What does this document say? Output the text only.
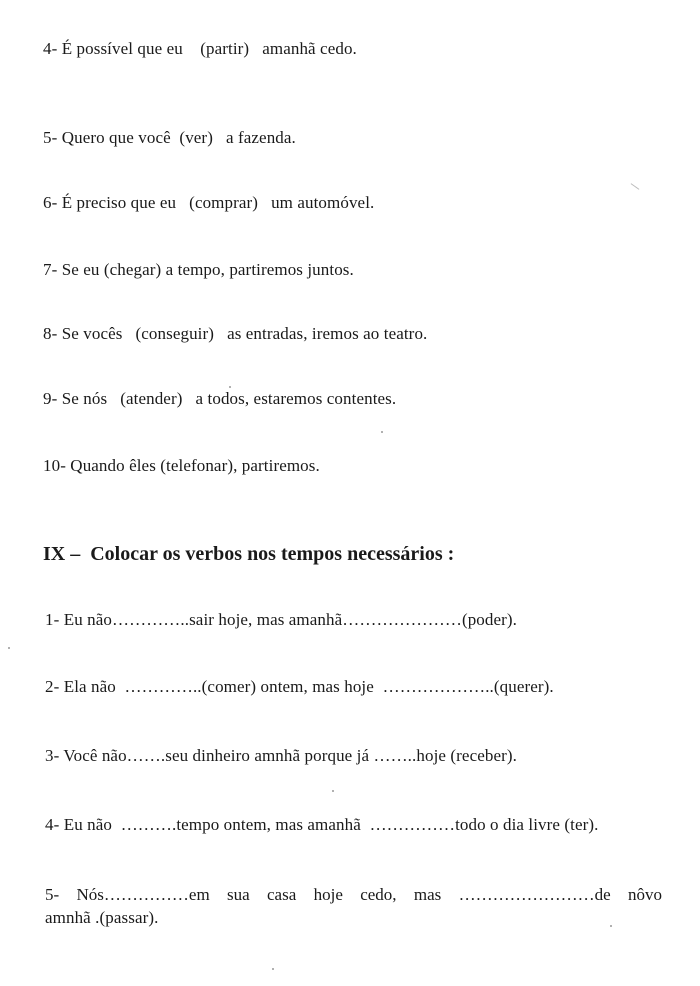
4- É possível que eu    (partir)   amanhã cedo.
5- Quero que você  (ver)   a fazenda.
6- É preciso que eu   (comprar)   um automóvel.
7- Se eu (chegar) a tempo, partiremos juntos.
8- Se vocês   (conseguir)   as entradas, iremos ao teatro.
9- Se nós   (atender)   a todos, estaremos contentes.
10- Quando êles (telefonar), partiremos.
IX –  Colocar os verbos nos tempos necessários :
1- Eu não…………..sair hoje, mas amanhã…………………(poder).
2- Ela não  …………..(comer) ontem, mas hoje  ………………..(querer).
3- Você não…….seu dinheiro amnhã porque já ……..hoje (receber).
4- Eu não  ……….tempo ontem, mas amanhã  ……………todo o dia livre (ter).
5- Nós……………em sua casa hoje cedo, mas ……………………de nôvo
amnhã .(passar).
